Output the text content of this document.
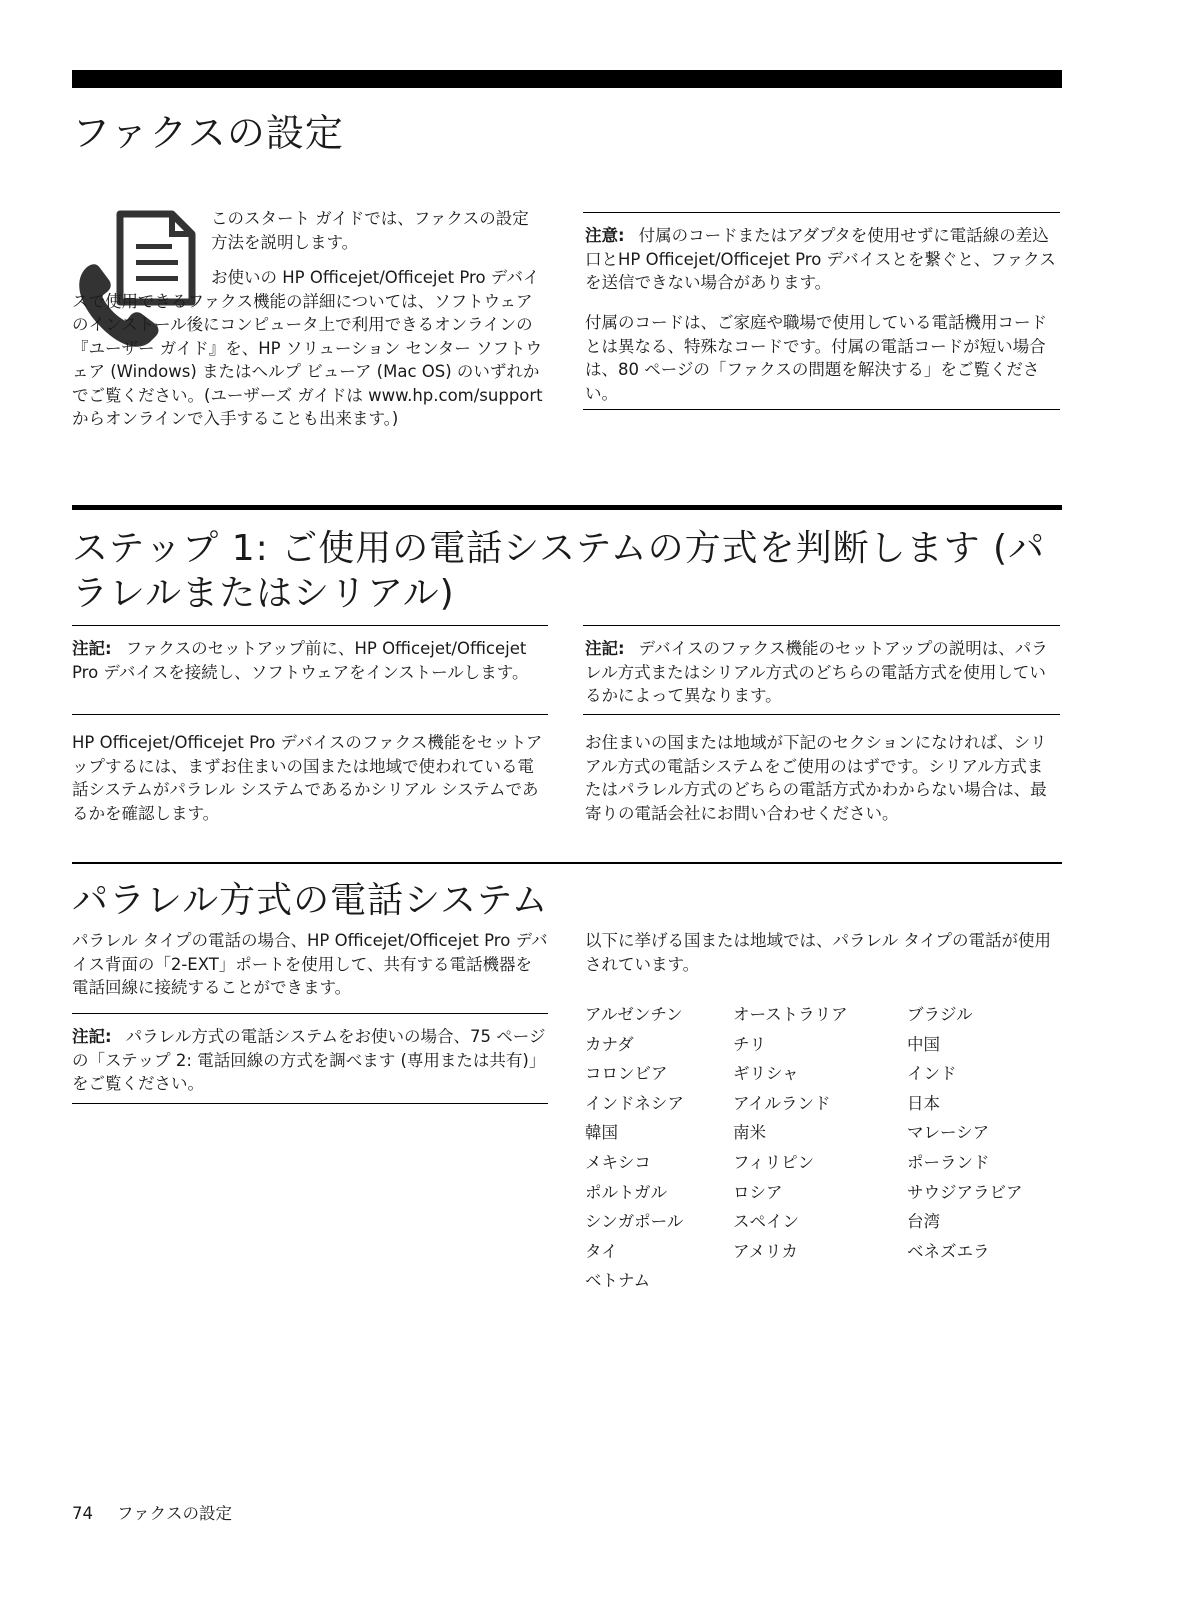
ファクスの設定

このスタート ガイドでは、ファクスの設定方法を説明します。

お使いの HP Officejet/Officejet Pro デバイスで使用できるファクス機能の詳細については、ソフトウェアのインストール後にコンピュータ上で利用できるオンラインの『ユーザー ガイド』を、HP ソリューション センター ソフトウェア (Windows) またはヘルプ ビューア (Mac OS) のいずれかでご覧ください。(ユーザーズ ガイドは www.hp.com/support からオンラインで入手することも出来ます。)

注意: 付属のコードまたはアダプタを使用せずに電話線の差込口とHP Officejet/Officejet Pro デバイスとを繋ぐと、ファクスを送信できない場合があります。

付属のコードは、ご家庭や職場で使用している電話機用コードとは異なる、特殊なコードです。付属の電話コードが短い場合は、80 ページの「ファクスの問題を解決する」をご覧ください。

ステップ 1: ご使用の電話システムの方式を判断します (パラレルまたはシリアル)

注記: ファクスのセットアップ前に、HP Officejet/Officejet Pro デバイスを接続し、ソフトウェアをインストールします。

注記: デバイスのファクス機能のセットアップの説明は、パラレル方式またはシリアル方式のどちらの電話方式を使用しているかによって異なります。

HP Officejet/Officejet Pro デバイスのファクス機能をセットアップするには、まずお住まいの国または地域で使われている電話システムがパラレル システムであるかシリアル システムであるかを確認します。

お住まいの国または地域が下記のセクションになければ、シリアル方式の電話システムをご使用のはずです。シリアル方式またはパラレル方式のどちらの電話方式かわからない場合は、最寄りの電話会社にお問い合わせください。

パラレル方式の電話システム

パラレル タイプの電話の場合、HP Officejet/Officejet Pro デバイス背面の「2-EXT」ポートを使用して、共有する電話機器を電話回線に接続することができます。

注記: パラレル方式の電話システムをお使いの場合、75 ページの「ステップ 2: 電話回線の方式を調べます (専用または共有)」をご覧ください。

以下に挙げる国または地域では、パラレル タイプの電話が使用されています。

アルゼンチン	オーストラリア	ブラジル
カナダ	チリ	中国
コロンビア	ギリシャ	インド
インドネシア	アイルランド	日本
韓国	南米	マレーシア
メキシコ	フィリピン	ポーランド
ポルトガル	ロシア	サウジアラビア
シンガポール	スペイン	台湾
タイ	アメリカ	ベネズエラ
ベトナム
74 ファクスの設定
